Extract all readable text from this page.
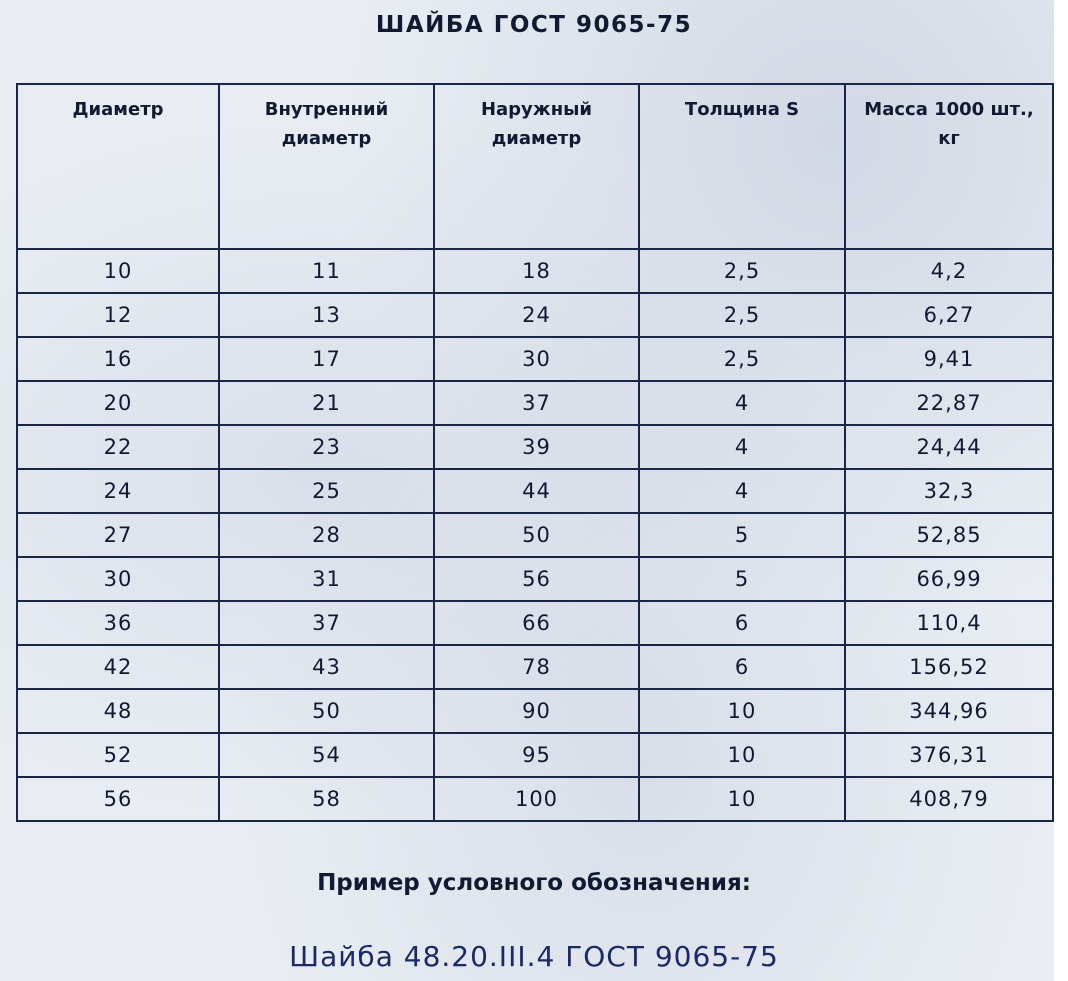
ШАЙБА ГОСТ 9065-75
Диаметр	Внутренний диаметр	Наружный диаметр	Толщина S	Масса 1000 шт., кг
10	11	18	2,5	4,2
12	13	24	2,5	6,27
16	17	30	2,5	9,41
20	21	37	4	22,87
22	23	39	4	24,44
24	25	44	4	32,3
27	28	50	5	52,85
30	31	56	5	66,99
36	37	66	6	110,4
42	43	78	6	156,52
48	50	90	10	344,96
52	54	95	10	376,31
56	58	100	10	408,79
Пример условного обозначения:
Шайба 48.20.III.4 ГОСТ 9065-75
